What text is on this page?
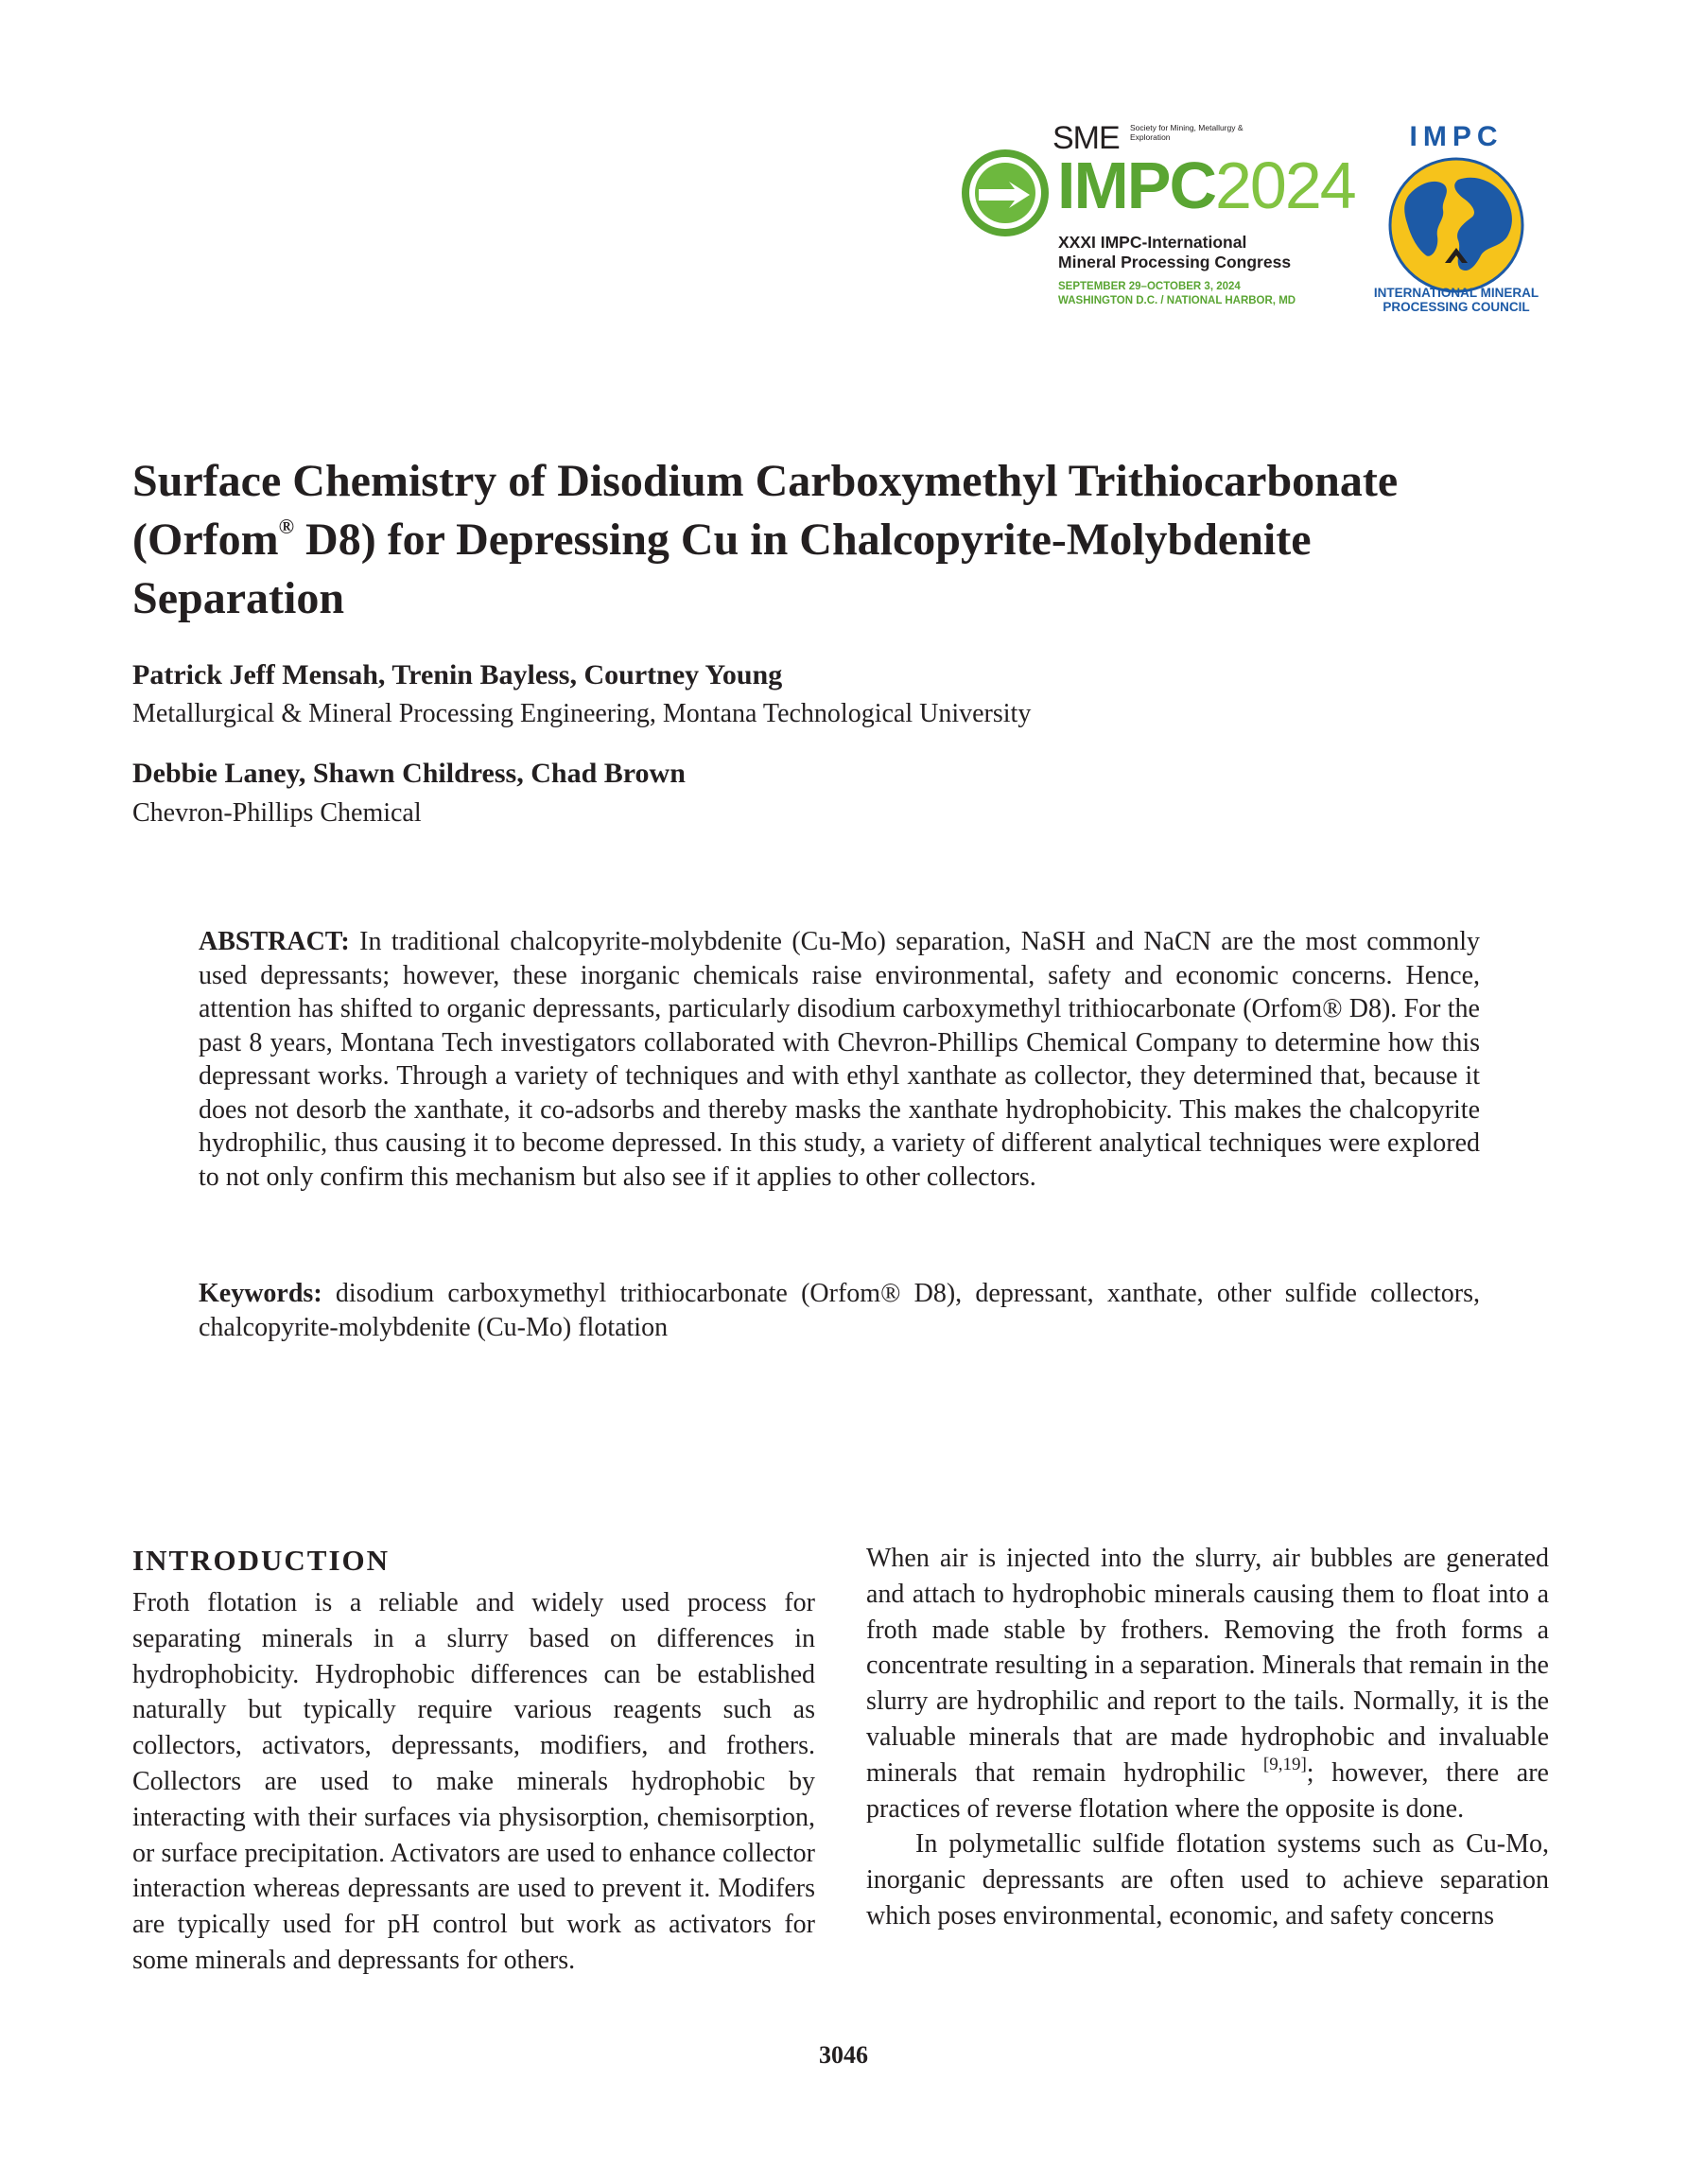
SME Society for Mining, Metallurgy & Exploration
IMPC2024
XXXI IMPC-International
Mineral Processing Congress
SEPTEMBER 29–OCTOBER 3, 2024
WASHINGTON D.C. / NATIONAL HARBOR, MD
IMPC
INTERNATIONAL MINERAL
PROCESSING COUNCIL
Surface Chemistry of Disodium Carboxymethyl Trithiocarbonate (Orfom® D8) for Depressing Cu in Chalcopyrite-Molybdenite Separation

Patrick Jeff Mensah, Trenin Bayless, Courtney Young

Metallurgical & Mineral Processing Engineering, Montana Technological University

Debbie Laney, Shawn Childress, Chad Brown

Chevron-Phillips Chemical

ABSTRACT: In traditional chalcopyrite-molybdenite (Cu-Mo) separation, NaSH and NaCN are the most commonly used depressants; however, these inorganic chemicals raise environmental, safety and economic concerns. Hence, attention has shifted to organic depressants, particularly disodium carboxymethyl trithiocarbonate (Orfom® D8). For the past 8 years, Montana Tech investigators collaborated with Chevron-Phillips Chemical Company to determine how this depressant works. Through a variety of techniques and with ethyl xanthate as collector, they determined that, because it does not desorb the xanthate, it co-adsorbs and thereby masks the xanthate hydrophobicity. This makes the chalcopyrite hydrophilic, thus causing it to become depressed. In this study, a variety of different analytical techniques were explored to not only confirm this mechanism but also see if it applies to other collectors.

Keywords: disodium carboxymethyl trithiocarbonate (Orfom® D8), depressant, xanthate, other sulfide collectors, chalcopyrite-molybdenite (Cu-Mo) flotation

INTRODUCTION

Froth flotation is a reliable and widely used process for separating minerals in a slurry based on differences in hydrophobicity. Hydrophobic differences can be established naturally but typically require various reagents such as collectors, activators, depressants, modifiers, and frothers. Collectors are used to make minerals hydrophobic by interacting with their surfaces via physisorption, chemisorption, or surface precipitation. Activators are used to enhance collector interaction whereas depressants are used to prevent it. Modifers are typically used for pH control but work as activators for some minerals and depressants for others.

When air is injected into the slurry, air bubbles are generated and attach to hydrophobic minerals causing them to float into a froth made stable by frothers. Removing the froth forms a concentrate resulting in a separation. Minerals that remain in the slurry are hydrophilic and report to the tails. Normally, it is the valuable minerals that are made hydrophobic and invaluable minerals that remain hydrophilic [9,19]; however, there are practices of reverse flotation where the opposite is done.

In polymetallic sulfide flotation systems such as Cu-Mo, inorganic depressants are often used to achieve separation which poses environmental, economic, and safety concerns

3046
